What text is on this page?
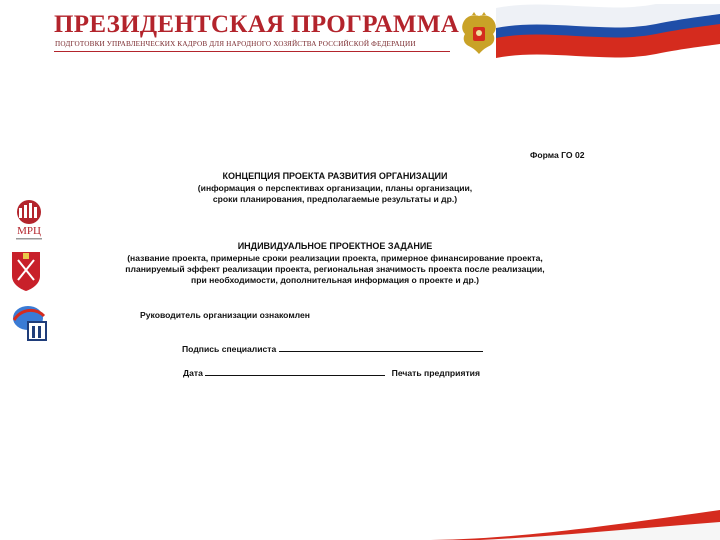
ПРЕЗИДЕНТСКАЯ ПРОГРАММА
ПОДГОТОВКИ УПРАВЛЕНЧЕСКИХ КАДРОВ ДЛЯ НАРОДНОГО ХОЗЯЙСТВА РОССИЙСКОЙ ФЕДЕРАЦИИ
МРЦ
Форма ГО 02
КОНЦЕПЦИЯ ПРОЕКТА РАЗВИТИЯ ОРГАНИЗАЦИИ
(информация о перспективах организации, планы организации,
сроки планирования, предполагаемые результаты и др.)
ИНДИВИДУАЛЬНОЕ ПРОЕКТНОЕ ЗАДАНИЕ
(название проекта, примерные сроки реализации проекта, примерное финансирование проекта,
планируемый эффект реализации проекта, региональная значимость проекта после реализации,
при необходимости, дополнительная информация о проекте и др.)
Руководитель организации ознакомлен
Подпись специалиста
Дата	Печать предприятия
